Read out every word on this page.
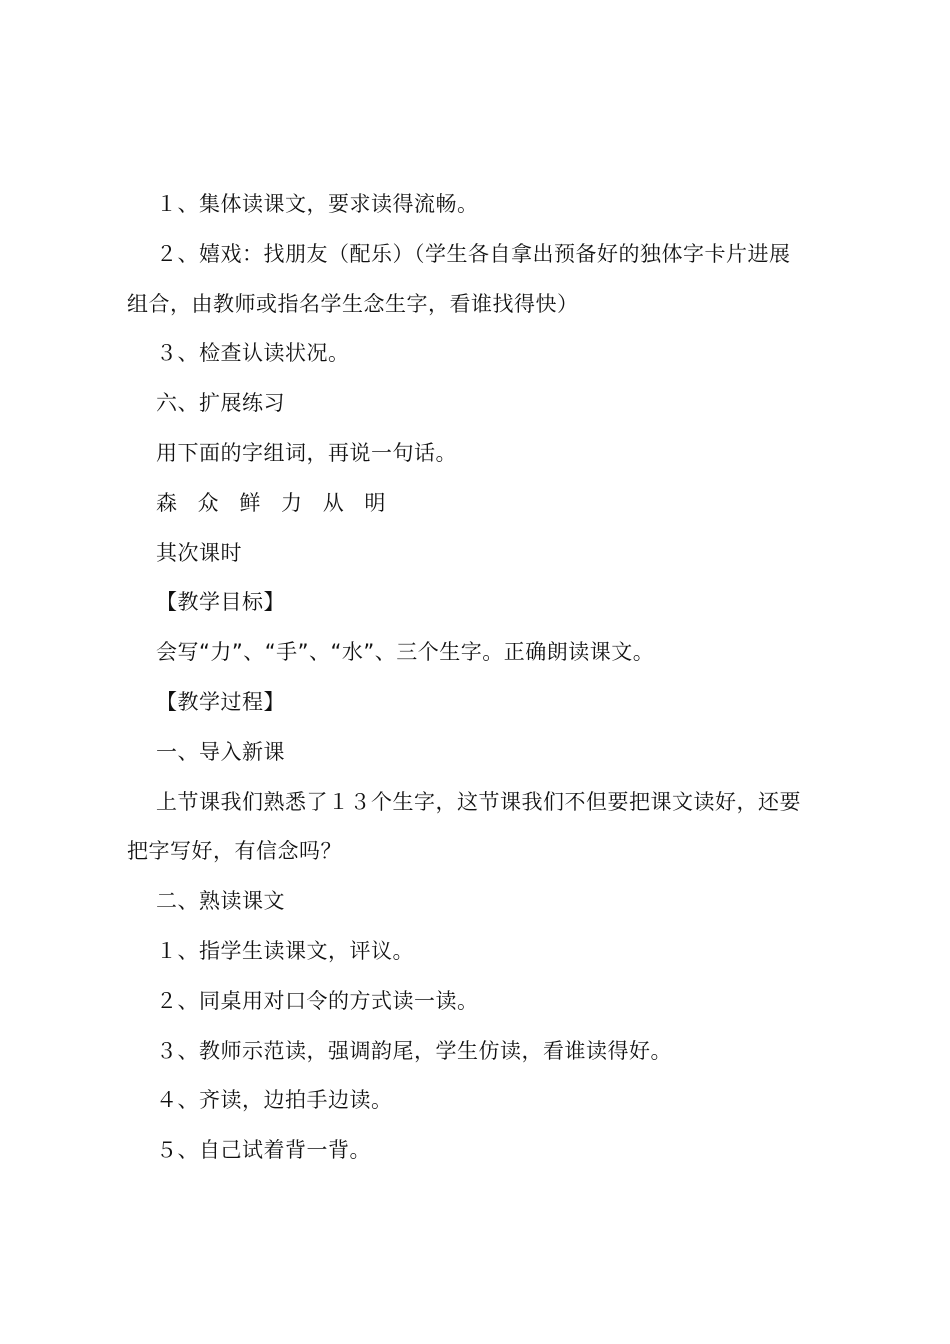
１、集体读课文，要求读得流畅。
２、嬉戏：找朋友（配乐）（学生各自拿出预备好的独体字卡片进展
组合，由教师或指名学生念生字，看谁找得快）
３、检查认读状况。
六、扩展练习
用下面的字组词，再说一句话。
森 众 鲜 力 从 明
其次课时
【教学目标】
会写“力”、“手”、“水”、三个生字。正确朗读课文。
【教学过程】
一、导入新课
上节课我们熟悉了１３个生字，这节课我们不但要把课文读好，还要
把字写好，有信念吗？
二、熟读课文
１、指学生读课文，评议。
２、同桌用对口令的方式读一读。
３、教师示范读，强调韵尾，学生仿读，看谁读得好。
４、齐读，边拍手边读。
５、自己试着背一背。
